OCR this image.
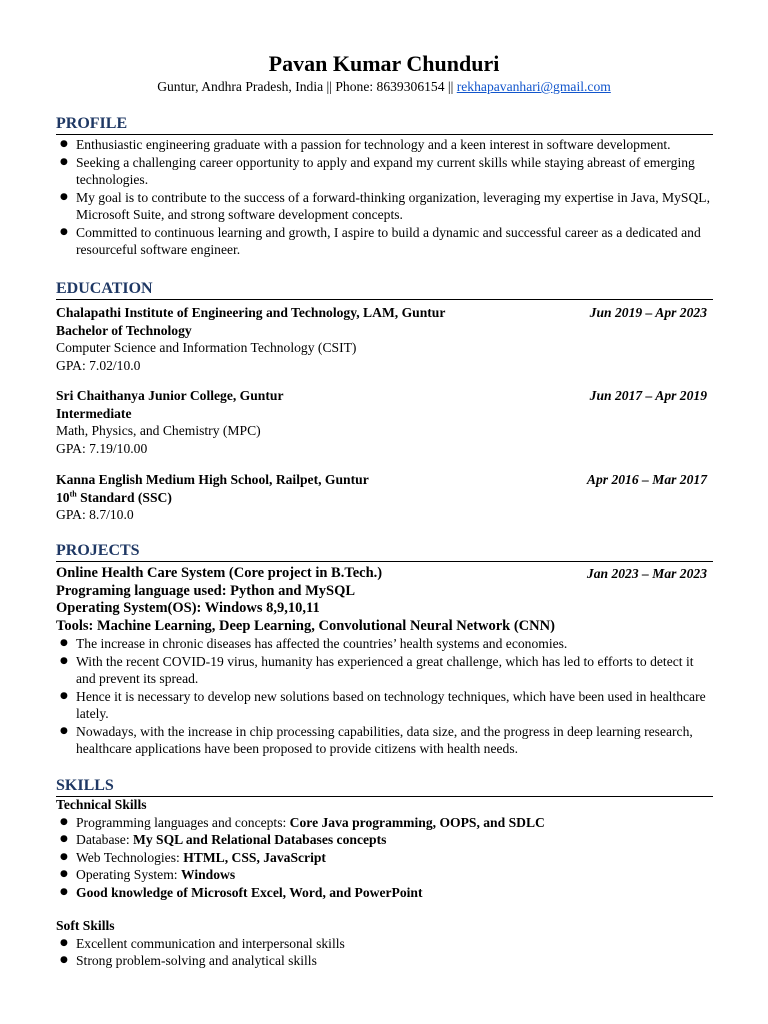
Pavan Kumar Chunduri
Guntur, Andhra Pradesh, India || Phone: 8639306154 || rekhapavanhari@gmail.com
PROFILE
● Enthusiastic engineering graduate with a passion for technology and a keen interest in software development.
● Seeking a challenging career opportunity to apply and expand my current skills while staying abreast of emerging technologies.
● My goal is to contribute to the success of a forward-thinking organization, leveraging my expertise in Java, MySQL, Microsoft Suite, and strong software development concepts.
● Committed to continuous learning and growth, I aspire to build a dynamic and successful career as a dedicated and resourceful software engineer.
EDUCATION
Chalapathi Institute of Engineering and Technology, LAM, Guntur	Jun 2019 – Apr 2023
Bachelor of Technology
Computer Science and Information Technology (CSIT)
GPA: 7.02/10.0
Sri Chaithanya Junior College, Guntur	Jun 2017 – Apr 2019
Intermediate
Math, Physics, and Chemistry (MPC)
GPA: 7.19/10.00
Kanna English Medium High School, Railpet, Guntur	Apr 2016 – Mar 2017
10th Standard (SSC)
GPA: 8.7/10.0
PROJECTS
Online Health Care System (Core project in B.Tech.)	Jan 2023 – Mar 2023
Programing language used: Python and MySQL
Operating System(OS): Windows 8,9,10,11
Tools: Machine Learning, Deep Learning, Convolutional Neural Network (CNN)
● The increase in chronic diseases has affected the countries’ health systems and economies.
● With the recent COVID-19 virus, humanity has experienced a great challenge, which has led to efforts to detect it and prevent its spread.
● Hence it is necessary to develop new solutions based on technology techniques, which have been used in healthcare lately.
● Nowadays, with the increase in chip processing capabilities, data size, and the progress in deep learning research, healthcare applications have been proposed to provide citizens with health needs.
SKILLS
Technical Skills
● Programming languages and concepts: Core Java programming, OOPS, and SDLC
● Database: My SQL and Relational Databases concepts
● Web Technologies: HTML, CSS, JavaScript
● Operating System: Windows
● Good knowledge of Microsoft Excel, Word, and PowerPoint
Soft Skills
● Excellent communication and interpersonal skills
● Strong problem-solving and analytical skills
